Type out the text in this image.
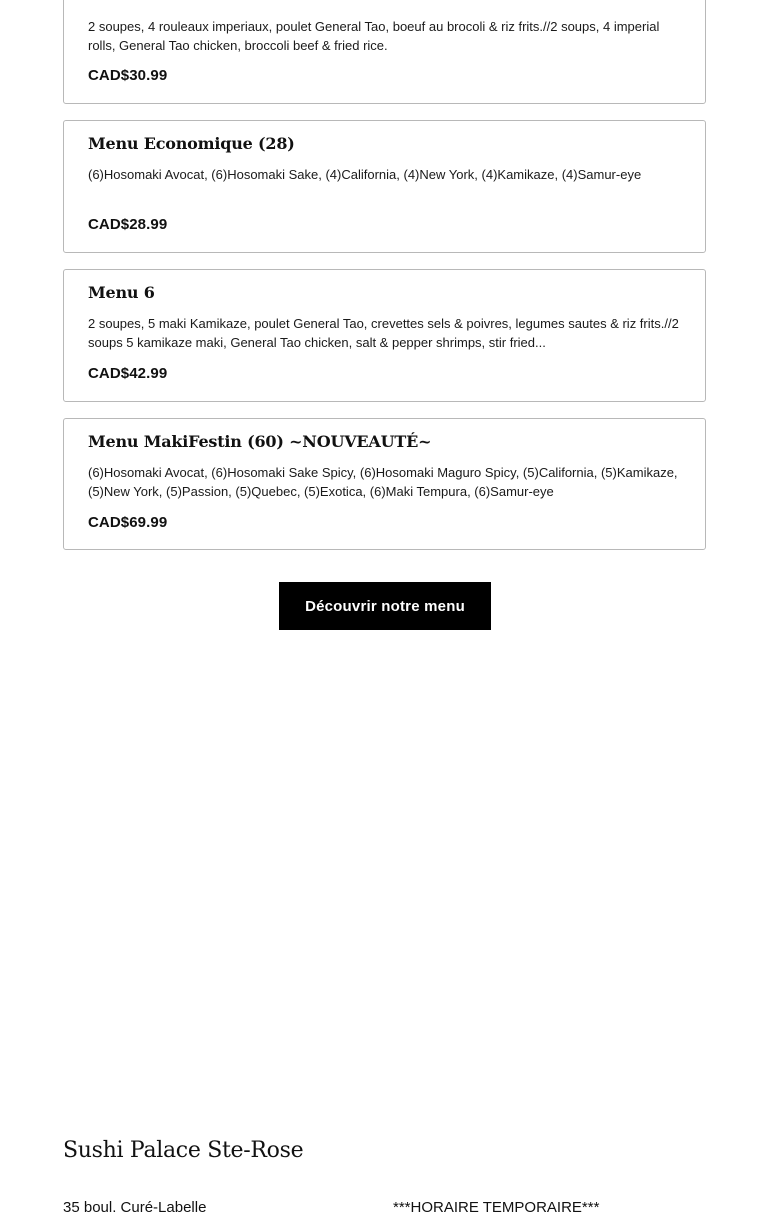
2 soupes, 4 rouleaux imperiaux, poulet General Tao, boeuf au brocoli & riz frits.//2 soups, 4 imperial rolls, General Tao chicken, broccoli beef & fried rice.
CAD$30.99
Menu Economique (28)
(6)Hosomaki Avocat, (6)Hosomaki Sake, (4)California, (4)New York, (4)Kamikaze, (4)Samur-eye
CAD$28.99
Menu 6
2 soupes, 5 maki Kamikaze, poulet General Tao, crevettes sels & poivres, legumes sautes & riz frits.//2 soups 5 kamikaze maki, General Tao chicken, salt & pepper shrimps, stir fried...
CAD$42.99
Menu MakiFestin (60) ~NOUVEAUTÉ~
(6)Hosomaki Avocat, (6)Hosomaki Sake Spicy, (6)Hosomaki Maguro Spicy, (5)California, (5)Kamikaze, (5)New York, (5)Passion, (5)Quebec, (5)Exotica, (6)Maki Tempura, (6)Samur-eye
CAD$69.99
Découvrir notre menu
Sushi Palace Ste-Rose
35 boul. Curé-Labelle	***HORAIRE TEMPORAIRE***
